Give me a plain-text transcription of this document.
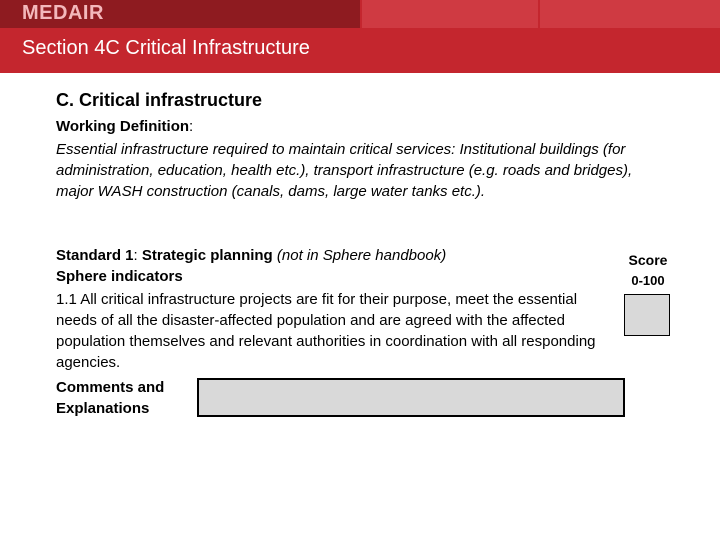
MEDAIR
Section 4C Critical Infrastructure
C. Critical infrastructure
Working Definition:
Essential infrastructure required to maintain critical services: Institutional buildings (for administration, education, health etc.), transport infrastructure (e.g. roads and bridges), major WASH construction (canals, dams, large water tanks etc.).
Standard 1: Strategic planning (not in Sphere handbook)
Sphere indicators
1.1 All critical infrastructure projects are fit for their purpose, meet the essential needs of all the disaster-affected population and are agreed with the affected population themselves and relevant authorities in coordination with all responding agencies.
Comments and Explanations
Score
0-100
